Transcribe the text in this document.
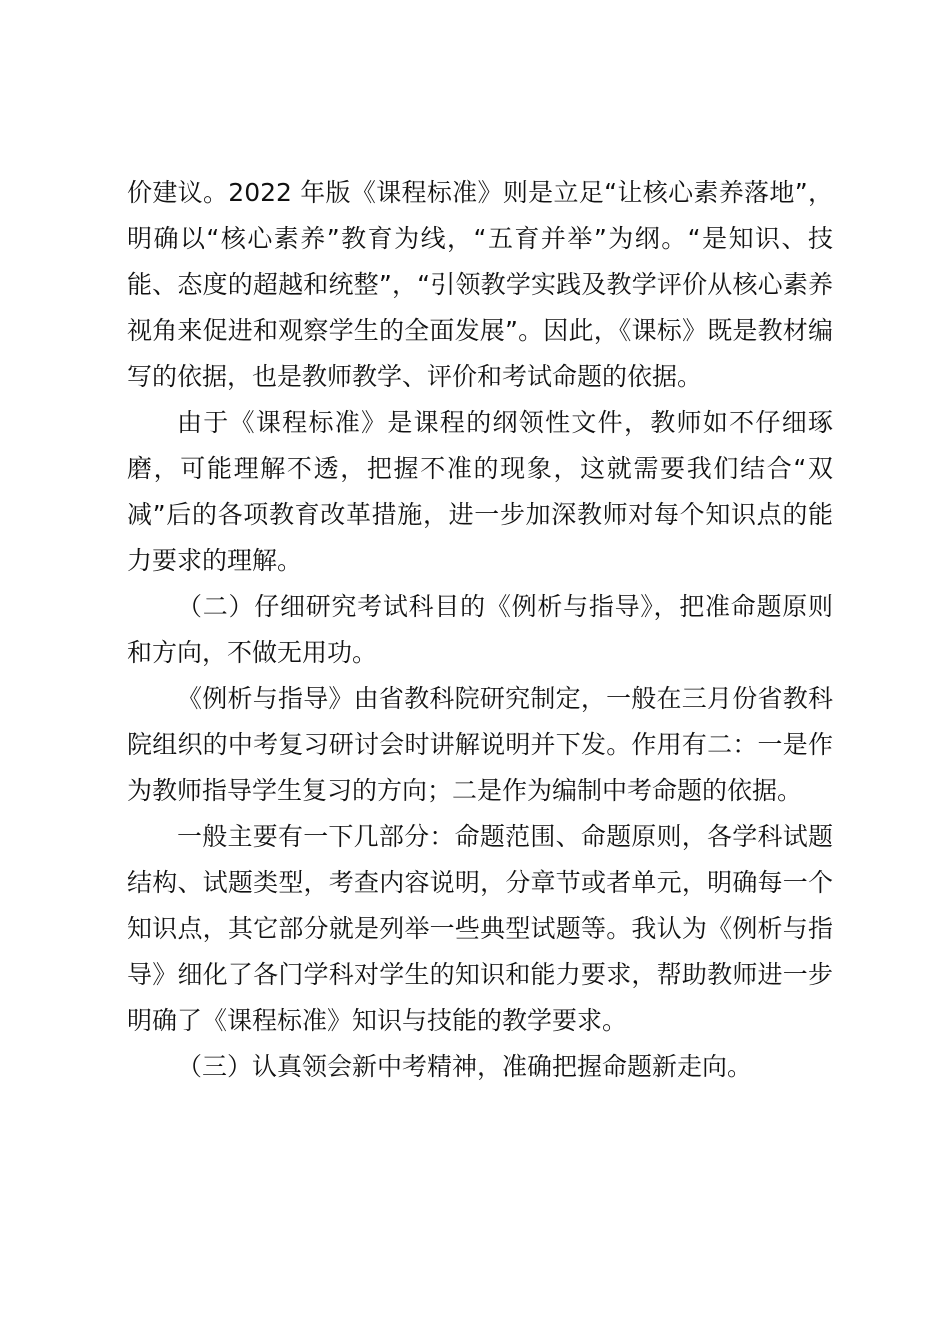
价建议。2022 年版《课程标准》则是立足“让核心素养落地”，明确以“核心素养”教育为线，“五育并举”为纲。“是知识、技能、态度的超越和统整”，“引领教学实践及教学评价从核心素养视角来促进和观察学生的全面发展”。因此，《课标》既是教材编写的依据，也是教师教学、评价和考试命题的依据。

由于《课程标准》是课程的纲领性文件，教师如不仔细琢磨，可能理解不透，把握不准的现象，这就需要我们结合“双减”后的各项教育改革措施，进一步加深教师对每个知识点的能力要求的理解。

（二）仔细研究考试科目的《例析与指导》，把准命题原则和方向，不做无用功。

《例析与指导》由省教科院研究制定，一般在三月份省教科院组织的中考复习研讨会时讲解说明并下发。作用有二：一是作为教师指导学生复习的方向；二是作为编制中考命题的依据。

一般主要有一下几部分：命题范围、命题原则，各学科试题结构、试题类型，考查内容说明，分章节或者单元，明确每一个知识点，其它部分就是列举一些典型试题等。我认为《例析与指导》细化了各门学科对学生的知识和能力要求，帮助教师进一步明确了《课程标准》知识与技能的教学要求。

（三）认真领会新中考精神，准确把握命题新走向。
